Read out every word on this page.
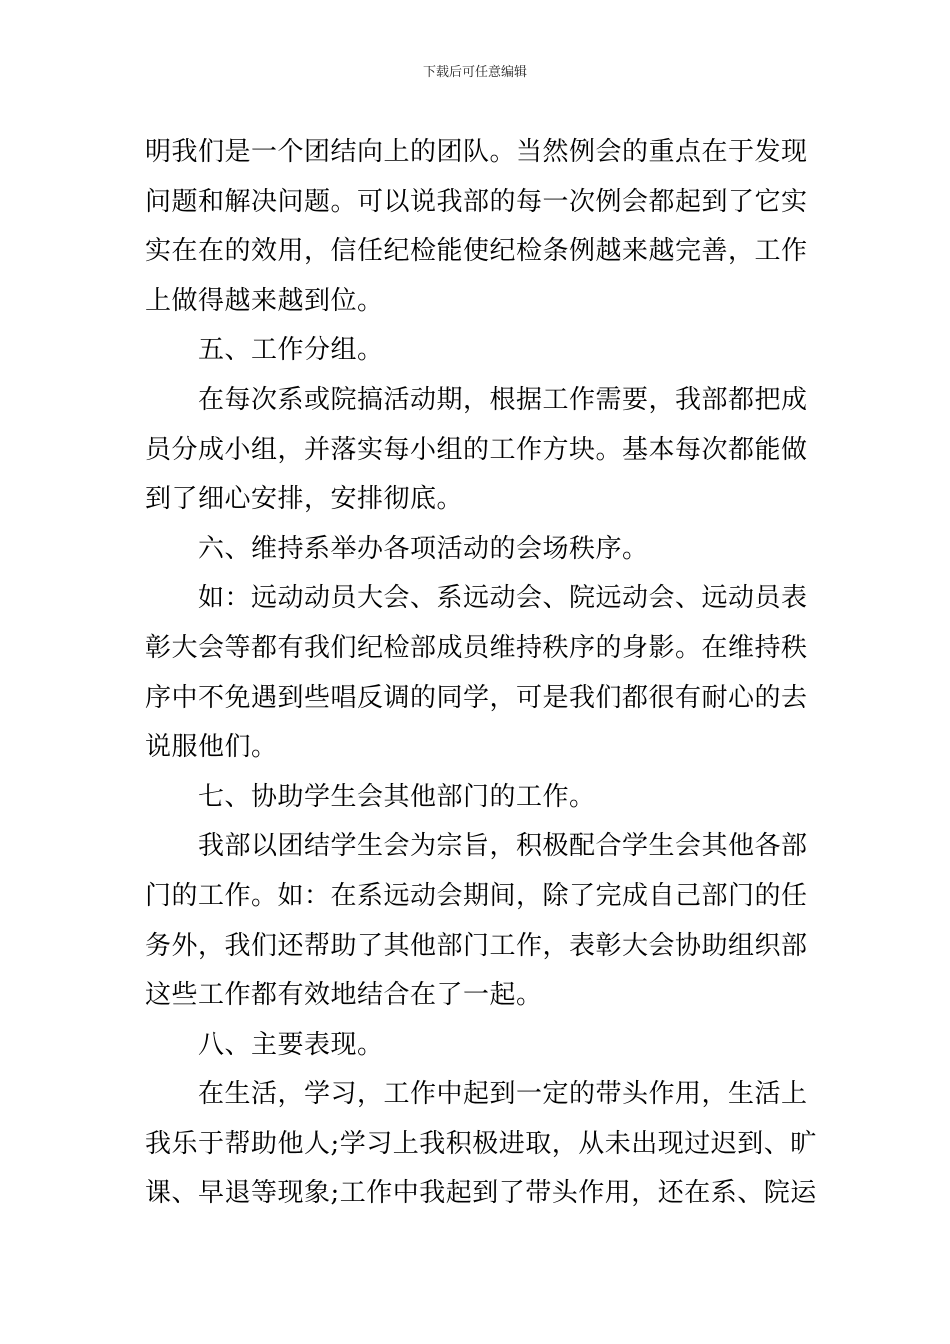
下载后可任意编辑
明我们是一个团结向上的团队。当然例会的重点在于发现
问题和解决问题。可以说我部的每一次例会都起到了它实
实在在的效用，信任纪检能使纪检条例越来越完善，工作
上做得越来越到位。
五、工作分组。
在每次系或院搞活动期，根据工作需要，我部都把成
员分成小组，并落实每小组的工作方块。基本每次都能做
到了细心安排，安排彻底。
六、维持系举办各项活动的会场秩序。
如：远动动员大会、系远动会、院远动会、远动员表
彰大会等都有我们纪检部成员维持秩序的身影。在维持秩
序中不免遇到些唱反调的同学，可是我们都很有耐心的去
说服他们。
七、协助学生会其他部门的工作。
我部以团结学生会为宗旨，积极配合学生会其他各部
门的工作。如：在系远动会期间，除了完成自己部门的任
务外，我们还帮助了其他部门工作，表彰大会协助组织部
这些工作都有效地结合在了一起。
八、主要表现。
在生活，学习，工作中起到一定的带头作用，生活上
我乐于帮助他人;学习上我积极进取，从未出现过迟到、旷
课、早退等现象;工作中我起到了带头作用，还在系、院运
